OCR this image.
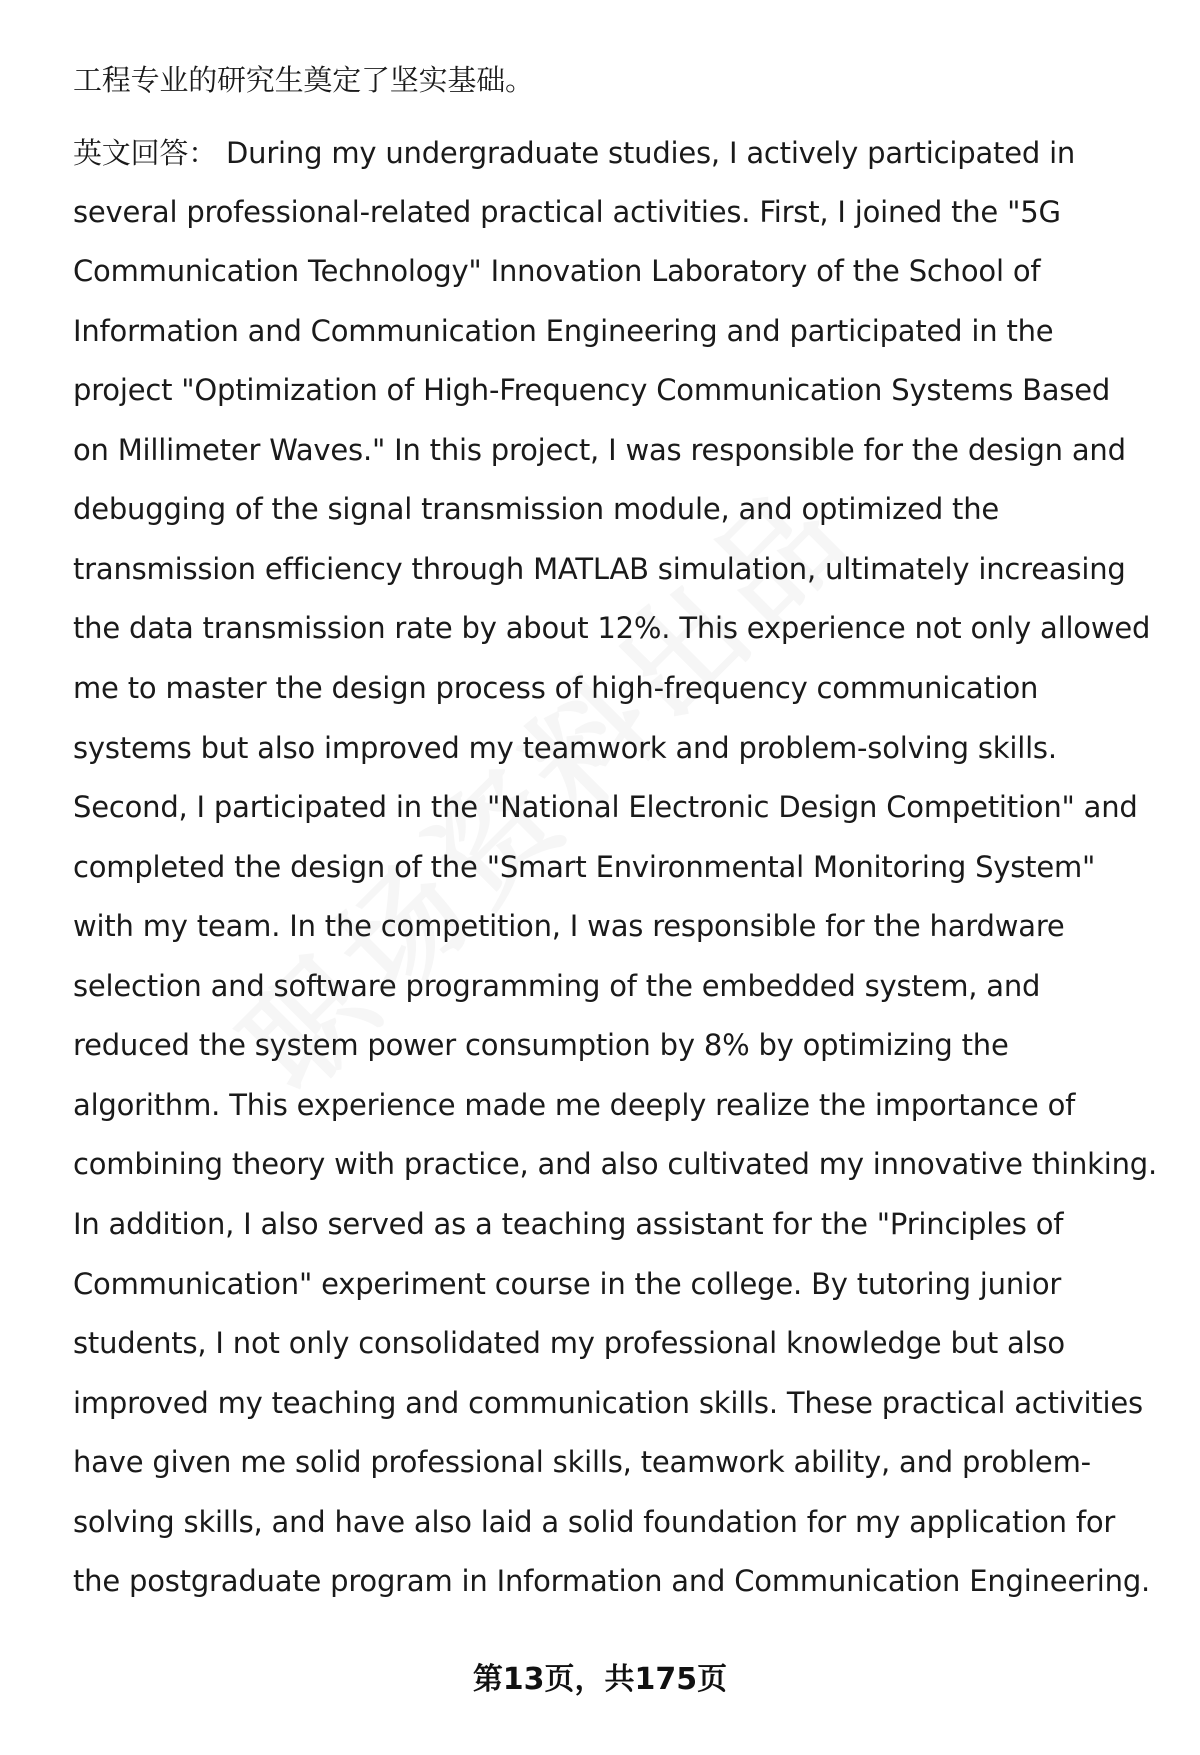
工程专业的研究生奠定了坚实基础。
英文回答： During my undergraduate studies, I actively participated in
several professional-related practical activities. First, I joined the "5G
Communication Technology" Innovation Laboratory of the School of
Information and Communication Engineering and participated in the
project "Optimization of High-Frequency Communication Systems Based
on Millimeter Waves." In this project, I was responsible for the design and
debugging of the signal transmission module, and optimized the
transmission efficiency through MATLAB simulation, ultimately increasing
the data transmission rate by about 12%. This experience not only allowed
me to master the design process of high-frequency communication
systems but also improved my teamwork and problem-solving skills.
Second, I participated in the "National Electronic Design Competition" and
completed the design of the "Smart Environmental Monitoring System"
with my team. In the competition, I was responsible for the hardware
selection and software programming of the embedded system, and
reduced the system power consumption by 8% by optimizing the
algorithm. This experience made me deeply realize the importance of
combining theory with practice, and also cultivated my innovative thinking.
In addition, I also served as a teaching assistant for the "Principles of
Communication" experiment course in the college. By tutoring junior
students, I not only consolidated my professional knowledge but also
improved my teaching and communication skills. These practical activities
have given me solid professional skills, teamwork ability, and problem-
solving skills, and have also laid a solid foundation for my application for
the postgraduate program in Information and Communication Engineering.
第13页，共175页
